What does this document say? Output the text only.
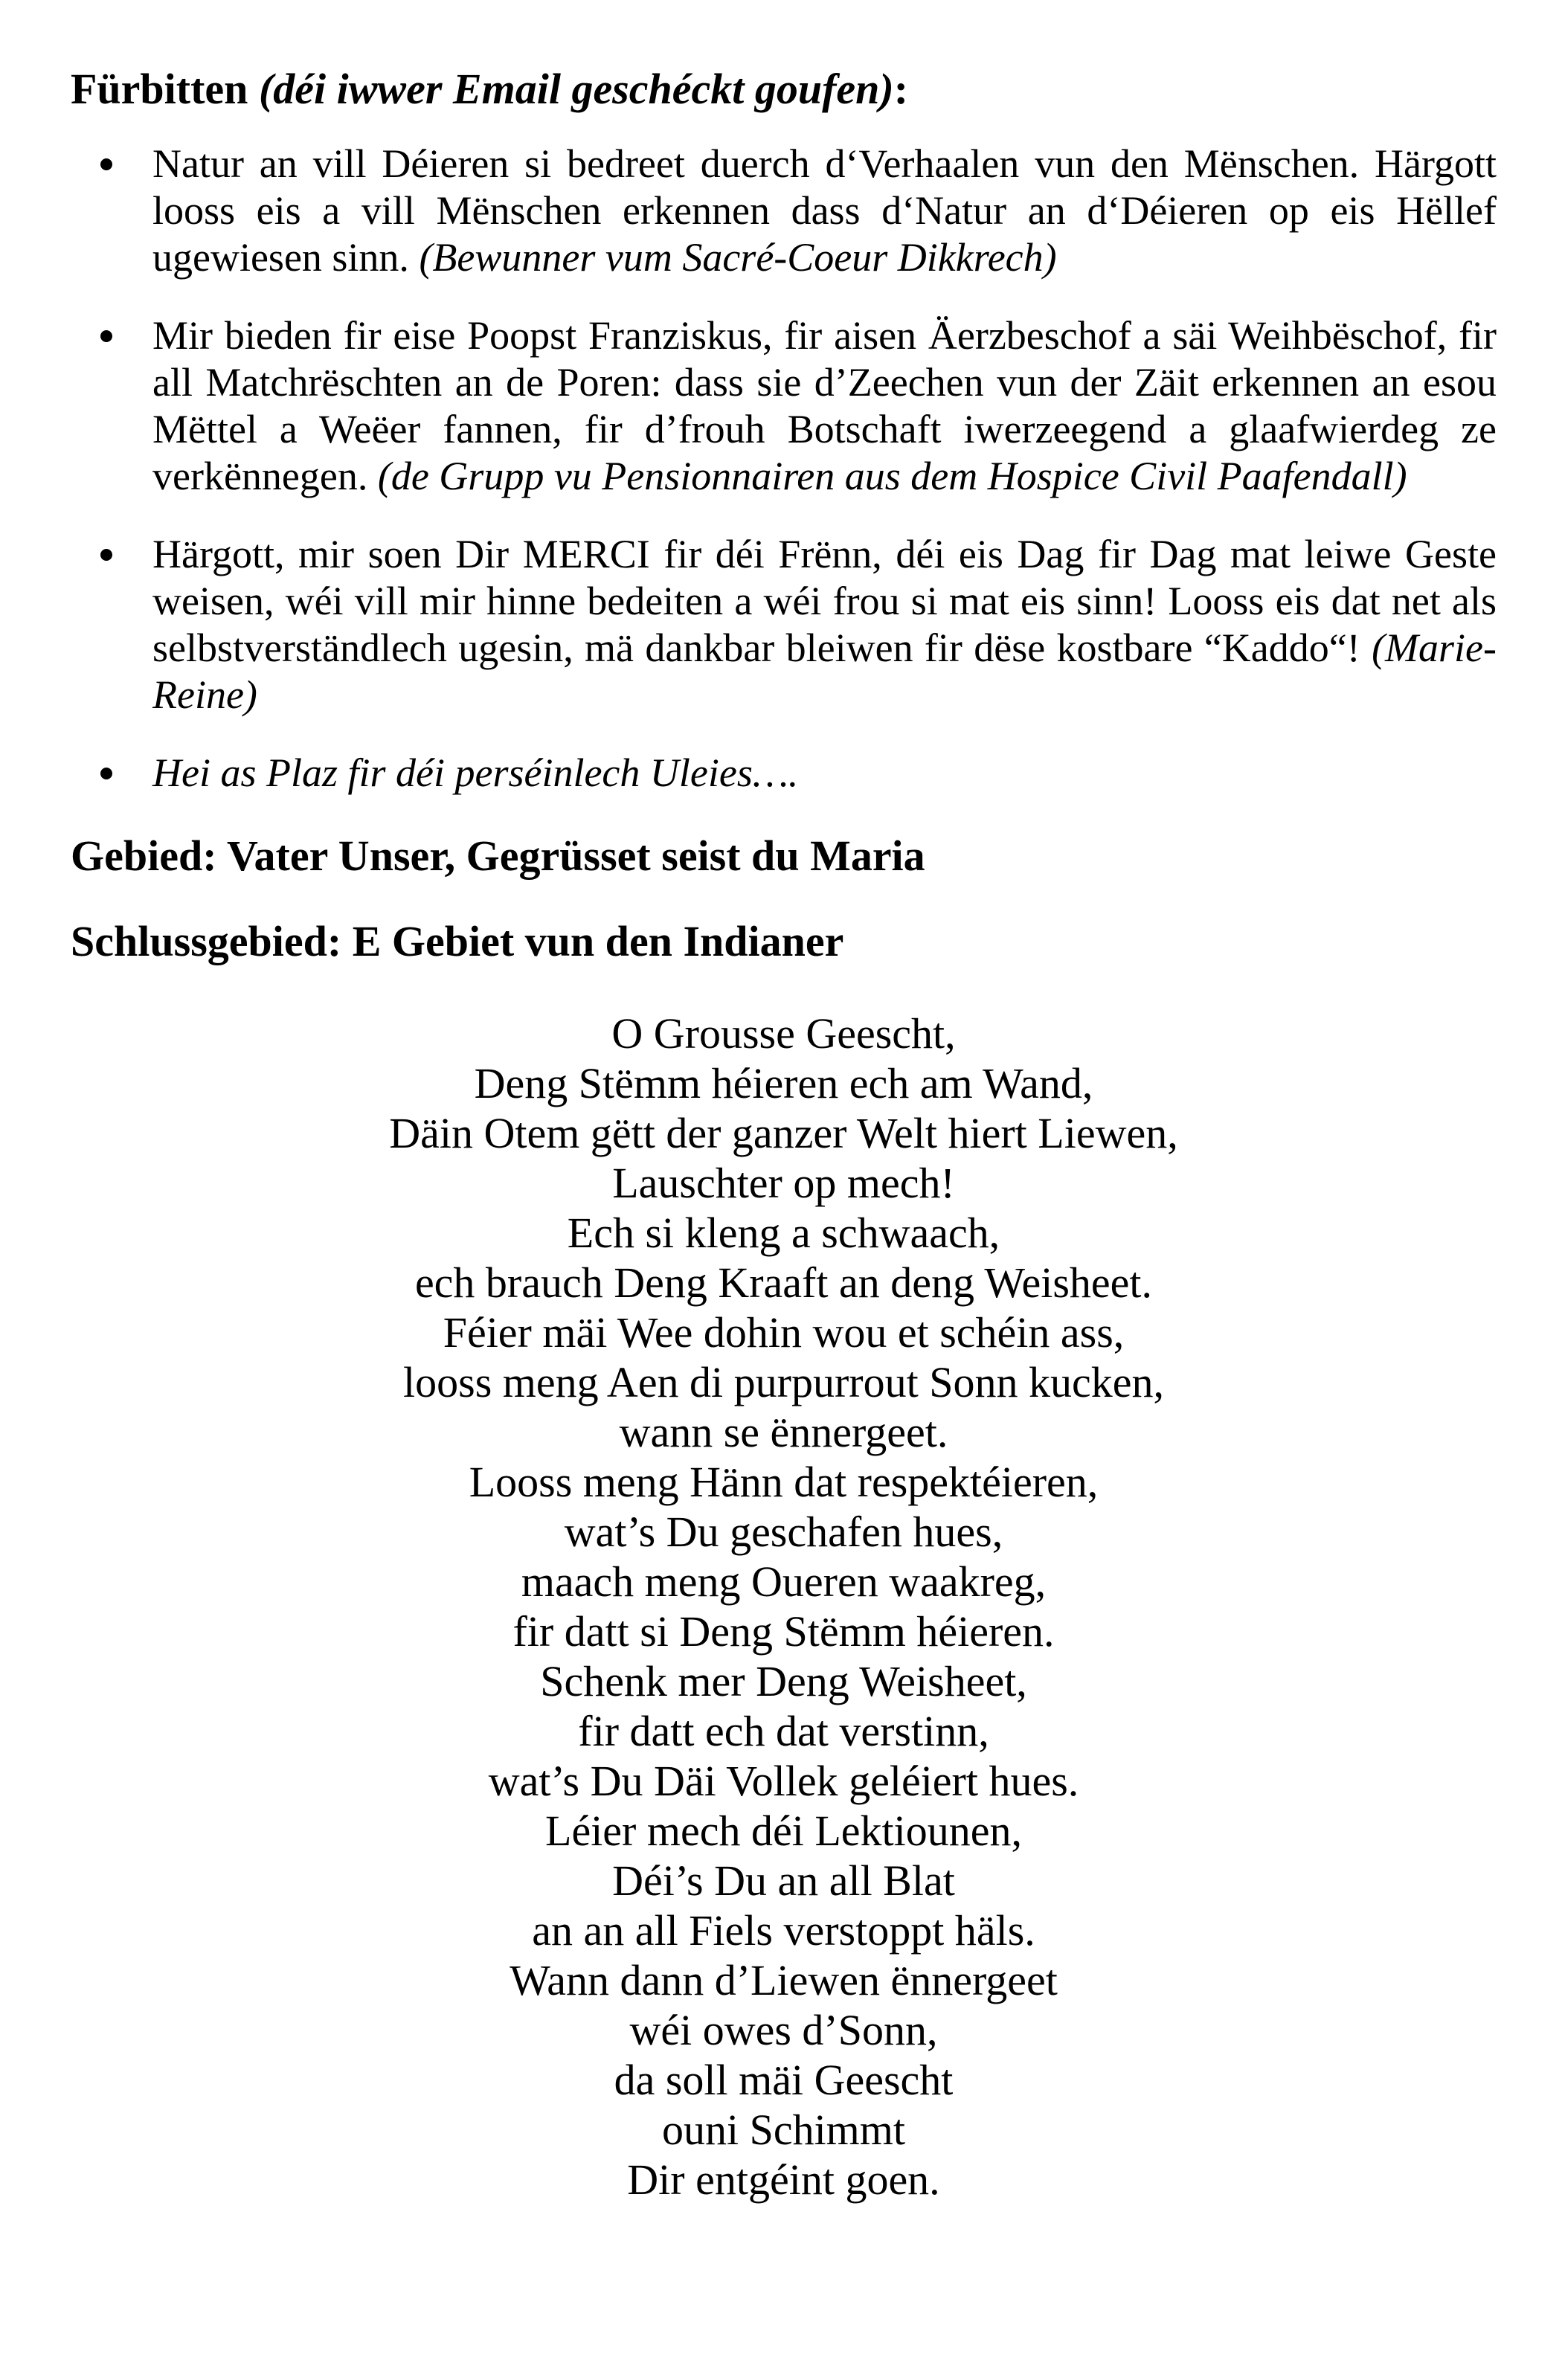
Fürbitten (déi iwwer Email geschéckt goufen):

Natur an vill Déieren si bedreet duerch d‘Verhaalen vun den Mënschen. Härgott looss eis a vill Mënschen erkennen dass d‘Natur an d‘Déieren op eis Hëllef ugewiesen sinn. (Bewunner vum Sacré-Coeur Dikkrech)

Mir bieden fir eise Poopst Franziskus, fir aisen Äerzbeschof a säi Weihbëschof, fir all Matchrëschten an de Poren: dass sie d’Zeechen vun der Zäit erkennen an esou Mëttel a Weëer fannen, fir d’frouh Botschaft iwerzeegend a glaafwierdeg ze verkënnegen. (de Grupp vu Pensionnairen aus dem Hospice Civil Paafendall)

Härgott, mir soen Dir MERCI fir déi Frënn, déi eis Dag fir Dag mat leiwe Geste weisen, wéi vill mir hinne bedeiten a wéi frou si mat eis sinn! Looss eis dat net als selbstverständlech ugesin, mä dankbar bleiwen fir dëse kostbare “Kaddo“! (Marie-Reine)

Hei as Plaz fir déi perséinlech Uleies….

Gebied: Vater Unser, Gegrüsset seist du Maria

Schlussgebied: E Gebiet vun den Indianer

O Grousse Geescht,
Deng Stëmm héieren ech am Wand,
Däin Otem gëtt der ganzer Welt hiert Liewen,
Lauschter op mech!
Ech si kleng a schwaach,
ech brauch Deng Kraaft an deng Weisheet.
Féier mäi Wee dohin wou et schéin ass,
looss meng Aen di purpurrout Sonn kucken,
wann se ënnergeet.
Looss meng Hänn dat respektéieren,
wat’s Du geschafen hues,
maach meng Oueren waakreg,
fir datt si Deng Stëmm héieren.
Schenk mer Deng Weisheet,
fir datt ech dat verstinn,
wat’s Du Däi Vollek geléiert hues.
Léier mech déi Lektiounen,
Déi’s Du an all Blat
an an all Fiels verstoppt häls.
Wann dann d’Liewen ënnergeet
wéi owes d’Sonn,
da soll mäi Geescht
ouni Schimmt
Dir entgéint goen.
